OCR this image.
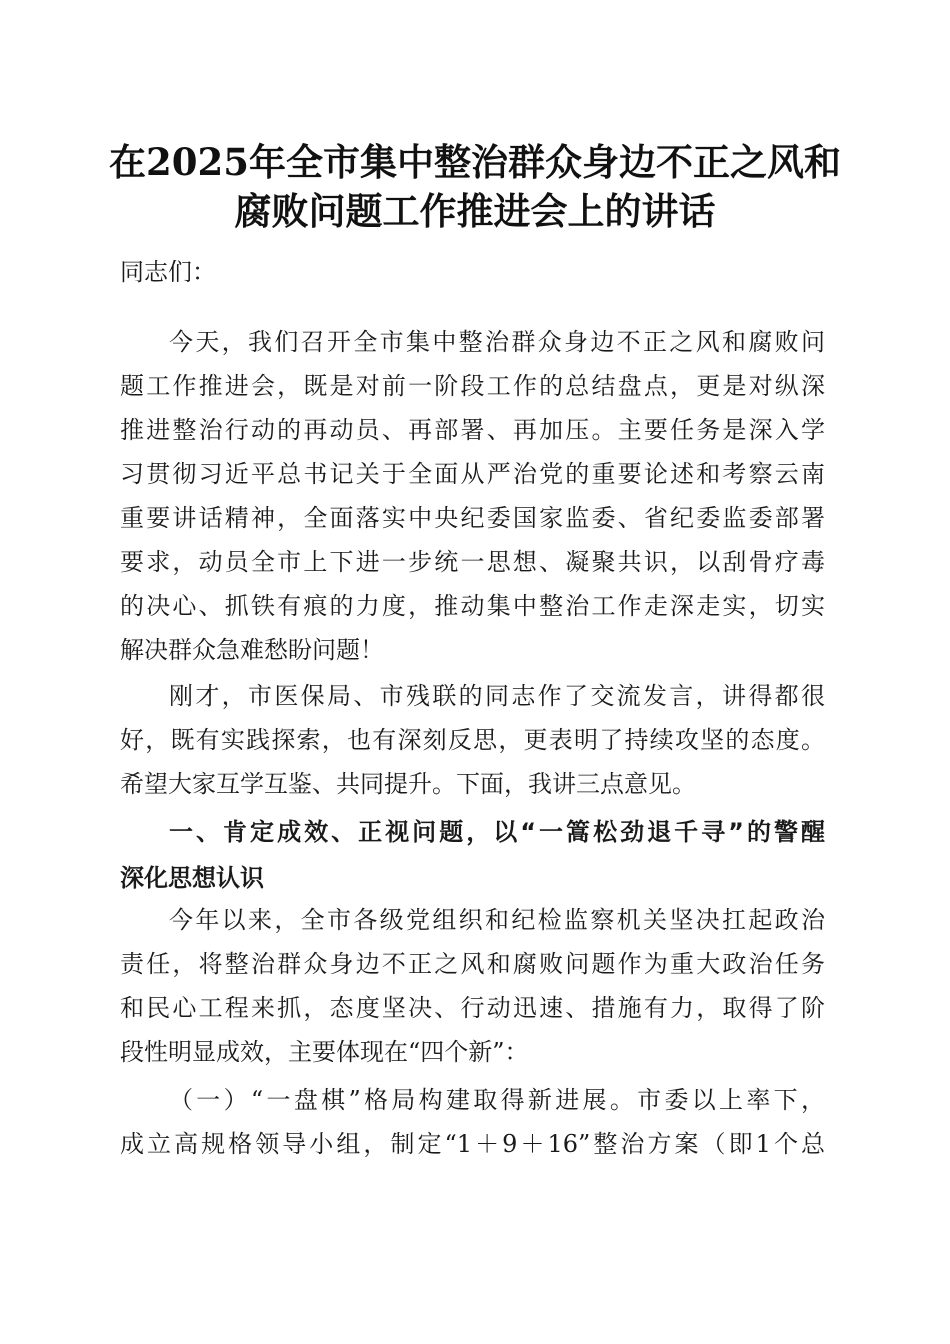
在2025年全市集中整治群众身边不正之风和
腐败问题工作推进会上的讲话
同志们：
今天，我们召开全市集中整治群众身边不正之风和腐败问
题工作推进会，既是对前一阶段工作的总结盘点，更是对纵深
推进整治行动的再动员、再部署、再加压。主要任务是深入学
习贯彻习近平总书记关于全面从严治党的重要论述和考察云南
重要讲话精神，全面落实中央纪委国家监委、省纪委监委部署
要求，动员全市上下进一步统一思想、凝聚共识，以刮骨疗毒
的决心、抓铁有痕的力度，推动集中整治工作走深走实，切实
解决群众急难愁盼问题！
刚才，市医保局、市残联的同志作了交流发言，讲得都很
好，既有实践探索，也有深刻反思，更表明了持续攻坚的态度。
希望大家互学互鉴、共同提升。下面，我讲三点意见。
一、肯定成效、正视问题，以“一篙松劲退千寻”的警醒
深化思想认识
今年以来，全市各级党组织和纪检监察机关坚决扛起政治
责任，将整治群众身边不正之风和腐败问题作为重大政治任务
和民心工程来抓，态度坚决、行动迅速、措施有力，取得了阶
段性明显成效，主要体现在“四个新”：
（一）“一盘棋”格局构建取得新进展。市委以上率下，
成立高规格领导小组，制定“1＋9＋16”整治方案（即1个总
